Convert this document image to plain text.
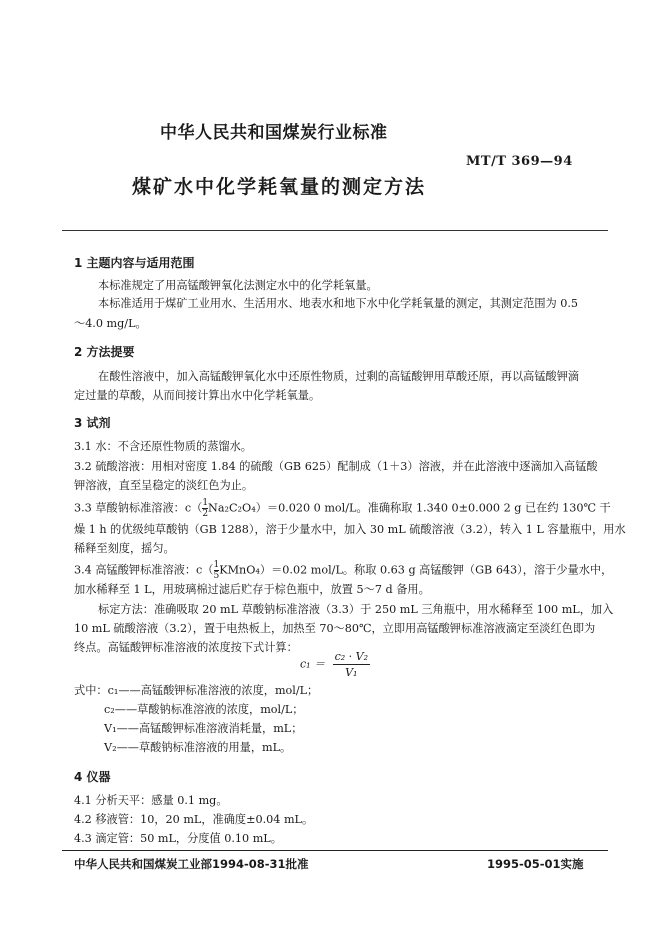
中华人民共和国煤炭行业标准
MT/T 369—94
煤矿水中化学耗氧量的测定方法
1 主题内容与适用范围
本标准规定了用高锰酸钾氧化法测定水中的化学耗氧量。
本标准适用于煤矿工业用水、生活用水、地表水和地下水中化学耗氧量的测定，其测定范围为 0.5
～4.0 mg/L。
2 方法提要
在酸性溶液中，加入高锰酸钾氧化水中还原性物质，过剩的高锰酸钾用草酸还原，再以高锰酸钾滴
定过量的草酸，从而间接计算出水中化学耗氧量。
3 试剂
3.1 水：不含还原性物质的蒸馏水。
3.2 硫酸溶液：用相对密度 1.84 的硫酸（GB 625）配制成（1＋3）溶液，并在此溶液中逐滴加入高锰酸
钾溶液，直至呈稳定的淡红色为止。
3.3 草酸钠标准溶液：$c( \frac{1}{2} Na_2C_2O_4)=0.020$ 0 mol/L。准确称取 1.340 0±0.000 2 g 已在约 130℃ 干
燥 1 h 的优级纯草酸钠（GB 1288），溶于少量水中，加入 30 mL 硫酸溶液（3.2），转入 1 L 容量瓶中，用水
稀释至刻度，摇匀。
3.4 高锰酸钾标准溶液：$c( \frac{1}{5}$ KMnO₄）＝0.02 mol/L。称取 0.63 g 高锰酸钾（GB 643），溶于少量水中，
加水稀释至 1 L，用玻璃棉过滤后贮存于棕色瓶中，放置 5～7 d 备用。
标定方法：准确吸取 20 mL 草酸钠标准溶液（3.3）于 250 mL 三角瓶中，用水稀释至 100 mL，加入
10 mL 硫酸溶液（3.2），置于电热板上，加热至 70～80℃，立即用高锰酸钾标准溶液滴定至淡红色即为
终点。高锰酸钾标准溶液的浓度按下式计算：
$c_1 = \frac{\text{c₂ · V₂}}{\text{V₁}}$
式中：c₁——高锰酸钾标准溶液的浓度，mol/L；
c₂——草酸钠标准溶液的浓度，mol/L；
V₁——高锰酸钾标准溶液消耗量，mL；
V₂——草酸钠标准溶液的用量，mL。
4 仪器
4.1 分析天平：感量 0.1 mg。
4.2 移液管：10，20 mL，准确度±0.04 mL。
4.3 滴定管：50 mL，分度值 0.10 mL。
中华人民共和国煤炭工业部1994-08-31批准	1995-05-01实施
